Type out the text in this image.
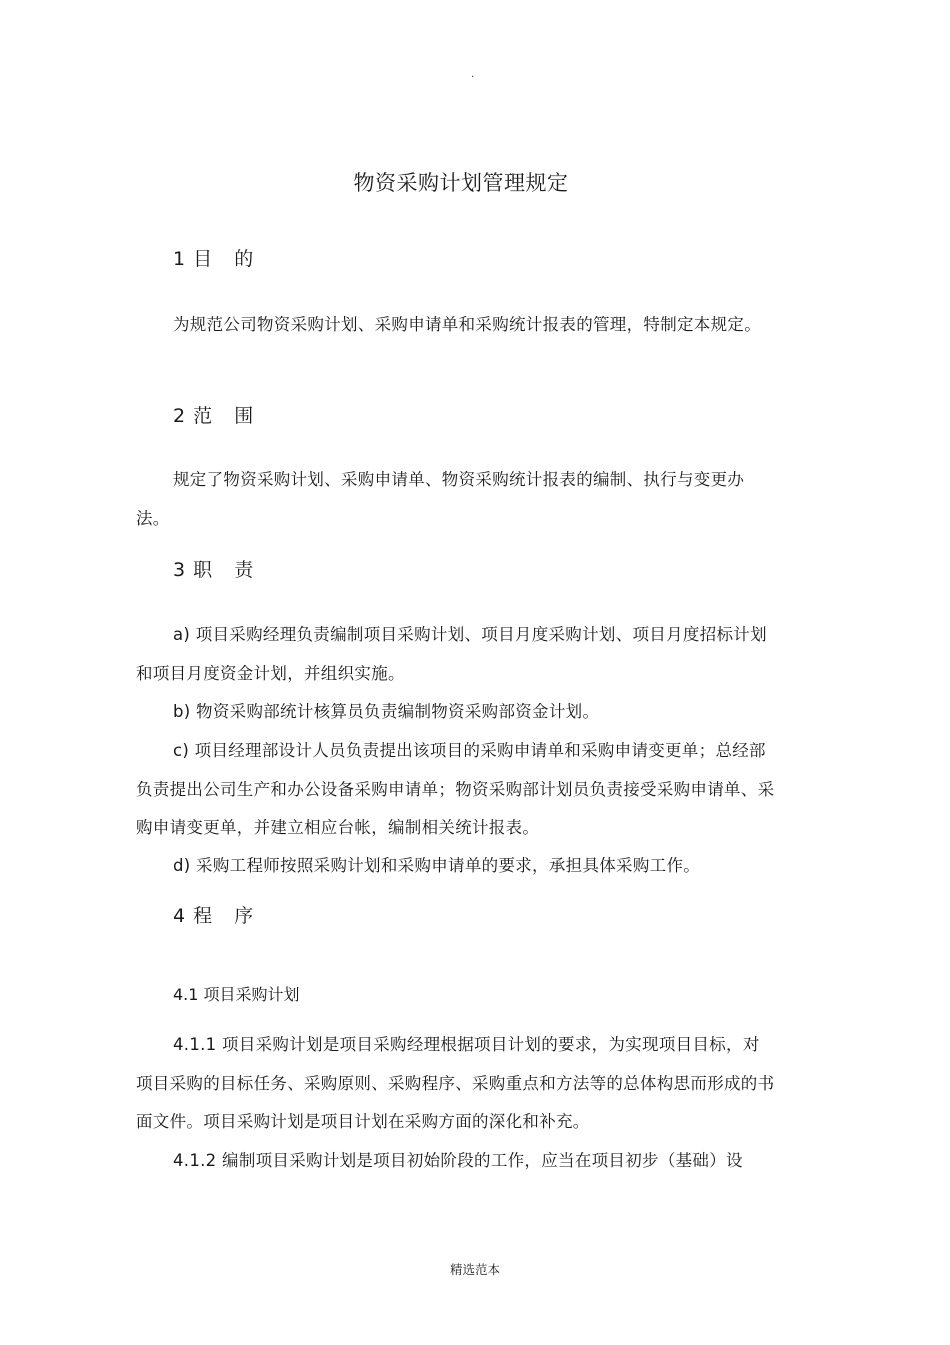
·
物资采购计划管理规定
1 目   的
为规范公司物资采购计划、采购申请单和采购统计报表的管理，特制定本规定。
2 范   围
规定了物资采购计划、采购申请单、物资采购统计报表的编制、执行与变更办法。
3 职   责
a) 项目采购经理负责编制项目采购计划、项目月度采购计划、项目月度招标计划和项目月度资金计划，并组织实施。
b) 物资采购部统计核算员负责编制物资采购部资金计划。
c) 项目经理部设计人员负责提出该项目的采购申请单和采购申请变更单；总经部负责提出公司生产和办公设备采购申请单；物资采购部计划员负责接受采购申请单、采购申请变更单，并建立相应台帐，编制相关统计报表。
d) 采购工程师按照采购计划和采购申请单的要求，承担具体采购工作。
4 程   序
4.1 项目采购计划
4.1.1 项目采购计划是项目采购经理根据项目计划的要求，为实现项目目标，对项目采购的目标任务、采购原则、采购程序、采购重点和方法等的总体构思而形成的书面文件。项目采购计划是项目计划在采购方面的深化和补充。
4.1.2 编制项目采购计划是项目初始阶段的工作，应当在项目初步（基础）设
精选范本
